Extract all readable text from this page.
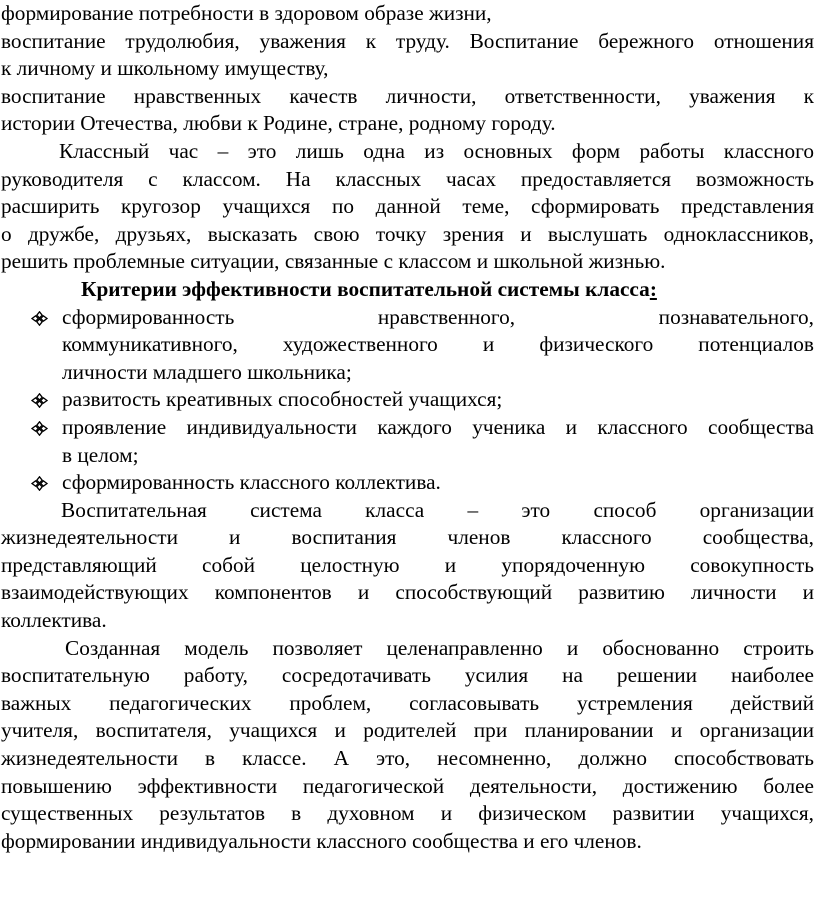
формирование потребности в здоровом образе жизни,
воспитание трудолюбия, уважения к труду. Воспитание бережного отношения
к личному и школьному имуществу,
воспитание нравственных качеств личности, ответственности, уважения к
истории Отечества, любви к Родине, стране, родному городу.
Классный час – это лишь одна из основных форм работы классного
руководителя с классом. На классных часах предоставляется возможность
расширить кругозор учащихся по данной теме, сформировать представления
о дружбе, друзьях, высказать свою точку зрения и выслушать одноклассников,
решить проблемные ситуации, связанные с классом и школьной жизнью.
Критерии эффективности воспитательной системы класса:
сформированность нравственного, познавательного,
коммуникативного, художественного и физического потенциалов
личности младшего школьника;
развитость креативных способностей учащихся;
проявление индивидуальности каждого ученика и классного сообщества
в целом;
сформированность классного коллектива.
Воспитательная система класса – это способ организации
жизнедеятельности и воспитания членов классного сообщества,
представляющий собой целостную и упорядоченную совокупность
взаимодействующих компонентов и способствующий развитию личности и
коллектива.
Созданная модель позволяет целенаправленно и обоснованно строить
воспитательную работу, сосредотачивать усилия на решении наиболее
важных педагогических проблем, согласовывать устремления действий
учителя, воспитателя, учащихся и родителей при планировании и организации
жизнедеятельности в классе. А это, несомненно, должно способствовать
повышению эффективности педагогической деятельности, достижению более
существенных результатов в духовном и физическом развитии учащихся,
формировании индивидуальности классного сообщества и его членов.
